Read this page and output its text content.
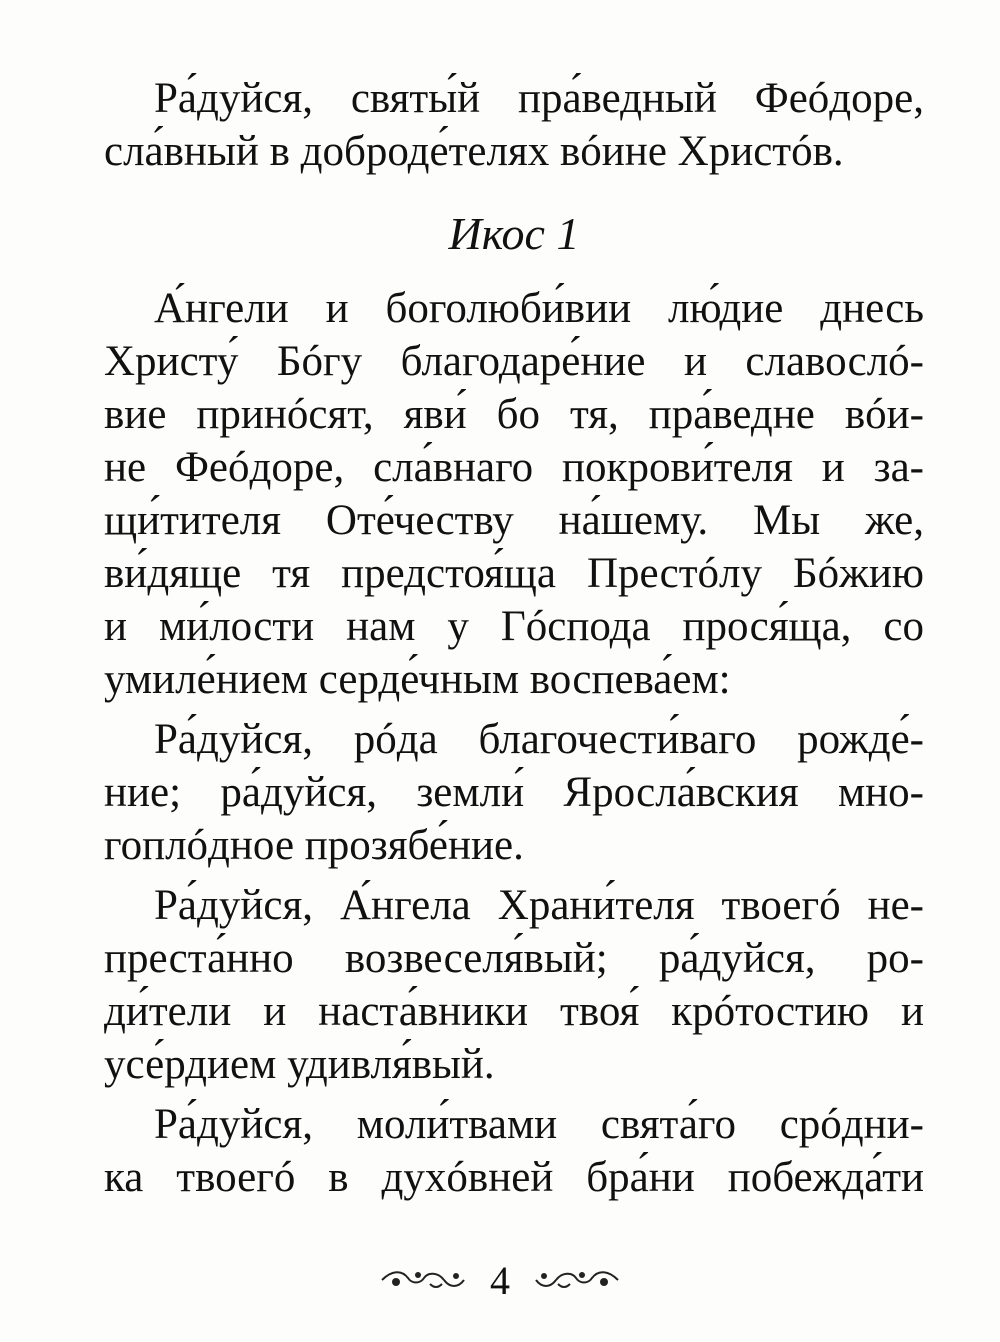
Ра́дуйся, святы́й пра́ведный Феóдоре,
сла́вный в доброде́телях вóине Христóв.
Икос 1
А́нгели и боголюби́вии лю́дие днесь
Христу́ Бóгу благодаре́ние и славослó-
вие принóсят, яви́ бо тя, пра́ведне вóи-
не Феóдоре, сла́внаго покрови́теля и за-
щи́тителя Оте́честву на́шему. Мы же,
ви́дяще тя предстоя́ща Престóлу Бóжию
и ми́лости нам у Гóспода прося́ща, со
умиле́нием серде́чным воспева́ем:
Ра́дуйся, рóда благочести́ваго рожде́-
ние; ра́дуйся, земли́ Яросла́вския мно-
гоплóдное прозябе́ние.
Ра́дуйся, А́нгела Храни́теля твоегó не-
преста́нно возвеселя́вый; ра́дуйся, ро-
ди́тели и наста́вники твоя́ крóтостию и
усе́рдием удивля́вый.
Ра́дуйся, моли́твами свята́го срóдни-
ка твоегó в духóвней бра́ни побежда́ти
4
